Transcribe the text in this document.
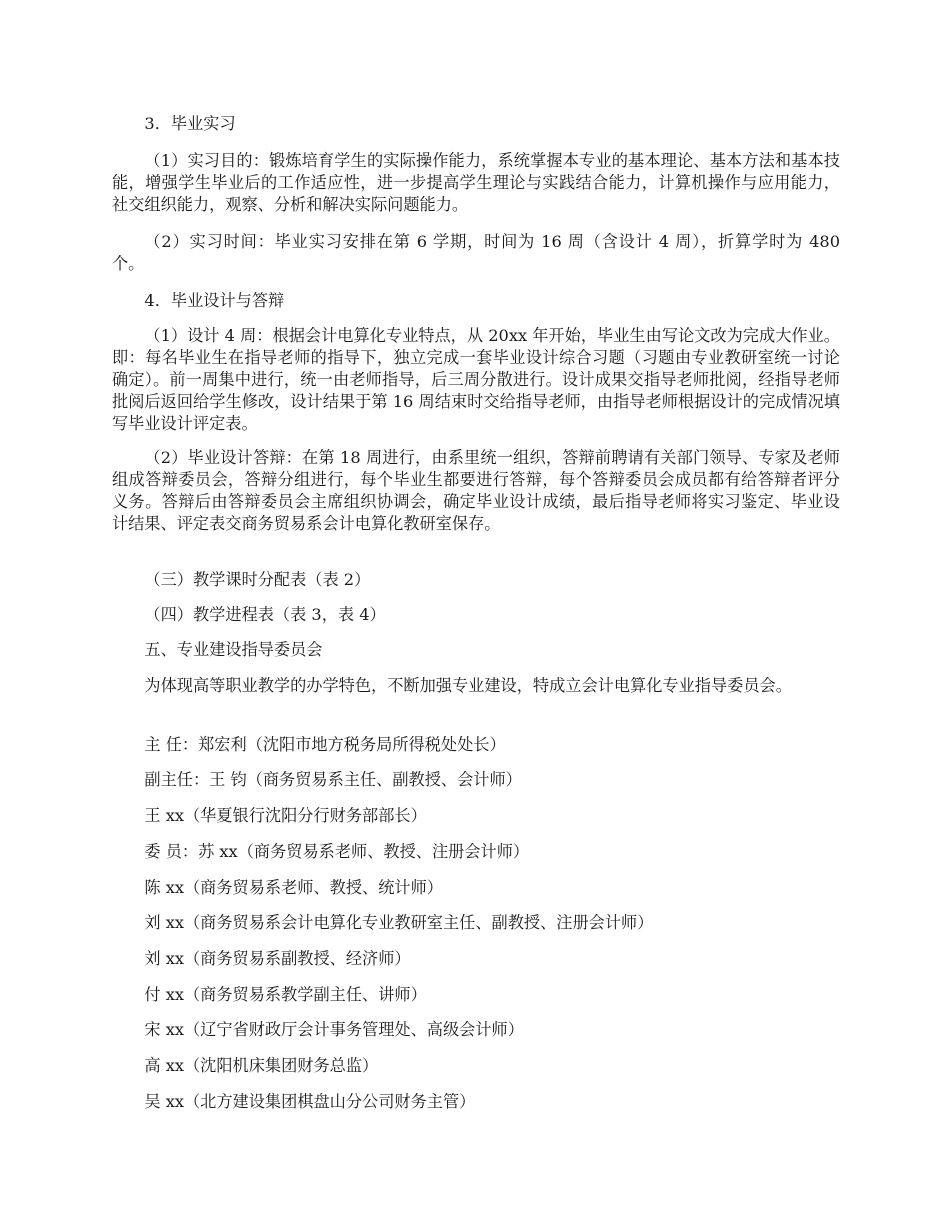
3．毕业实习

（1）实习目的：锻炼培育学生的实际操作能力，系统掌握本专业的基本理论、基本方法和基本技能，增强学生毕业后的工作适应性，进一步提高学生理论与实践结合能力，计算机操作与应用能力，社交组织能力，观察、分析和解决实际问题能力。

（2）实习时间：毕业实习安排在第 6 学期，时间为 16 周（含设计 4 周），折算学时为 480 个。

4．毕业设计与答辩

（1）设计 4 周：根据会计电算化专业特点，从 20xx 年开始，毕业生由写论文改为完成大作业。即：每名毕业生在指导老师的指导下，独立完成一套毕业设计综合习题（习题由专业教研室统一讨论确定）。前一周集中进行，统一由老师指导，后三周分散进行。设计成果交指导老师批阅，经指导老师批阅后返回给学生修改，设计结果于第 16 周结束时交给指导老师，由指导老师根据设计的完成情况填写毕业设计评定表。

（2）毕业设计答辩：在第 18 周进行，由系里统一组织，答辩前聘请有关部门领导、专家及老师组成答辩委员会，答辩分组进行，每个毕业生都要进行答辩，每个答辩委员会成员都有给答辩者评分义务。答辩后由答辩委员会主席组织协调会，确定毕业设计成绩，最后指导老师将实习鉴定、毕业设计结果、评定表交商务贸易系会计电算化教研室保存。

（三）教学课时分配表（表 2）

（四）教学进程表（表 3，表 4）

五、专业建设指导委员会

为体现高等职业教学的办学特色，不断加强专业建设，特成立会计电算化专业指导委员会。

主 任：郑宏利（沈阳市地方税务局所得税处处长）

副主任：王 钧（商务贸易系主任、副教授、会计师）

王 xx（华夏银行沈阳分行财务部部长）

委 员：苏 xx（商务贸易系老师、教授、注册会计师）

陈 xx（商务贸易系老师、教授、统计师）

刘 xx（商务贸易系会计电算化专业教研室主任、副教授、注册会计师）

刘 xx（商务贸易系副教授、经济师）

付 xx（商务贸易系教学副主任、讲师）

宋 xx（辽宁省财政厅会计事务管理处、高级会计师）

高 xx（沈阳机床集团财务总监）

吴 xx（北方建设集团棋盘山分公司财务主管）
